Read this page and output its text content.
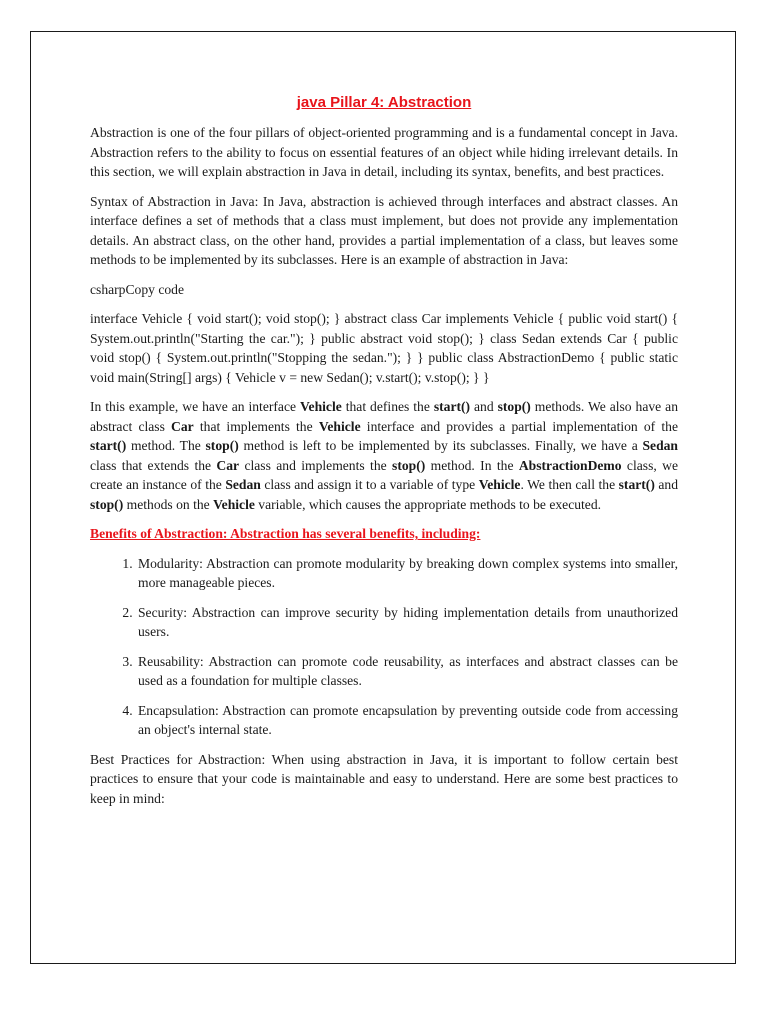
java Pillar 4: Abstraction

Abstraction is one of the four pillars of object-oriented programming and is a fundamental concept in Java. Abstraction refers to the ability to focus on essential features of an object while hiding irrelevant details. In this section, we will explain abstraction in Java in detail, including its syntax, benefits, and best practices.

Syntax of Abstraction in Java: In Java, abstraction is achieved through interfaces and abstract classes. An interface defines a set of methods that a class must implement, but does not provide any implementation details. An abstract class, on the other hand, provides a partial implementation of a class, but leaves some methods to be implemented by its subclasses. Here is an example of abstraction in Java:

csharpCopy code

interface Vehicle { void start(); void stop(); } abstract class Car implements Vehicle { public void start() { System.out.println("Starting the car."); } public abstract void stop(); } class Sedan extends Car { public void stop() { System.out.println("Stopping the sedan."); } } public class AbstractionDemo { public static void main(String[] args) { Vehicle v = new Sedan(); v.start(); v.stop(); } }

In this example, we have an interface Vehicle that defines the start() and stop() methods. We also have an abstract class Car that implements the Vehicle interface and provides a partial implementation of the start() method. The stop() method is left to be implemented by its subclasses. Finally, we have a Sedan class that extends the Car class and implements the stop() method. In the AbstractionDemo class, we create an instance of the Sedan class and assign it to a variable of type Vehicle. We then call the start() and stop() methods on the Vehicle variable, which causes the appropriate methods to be executed.

Benefits of Abstraction: Abstraction has several benefits, including:
1. Modularity: Abstraction can promote modularity by breaking down complex systems into smaller, more manageable pieces.
2. Security: Abstraction can improve security by hiding implementation details from unauthorized users.
3. Reusability: Abstraction can promote code reusability, as interfaces and abstract classes can be used as a foundation for multiple classes.
4. Encapsulation: Abstraction can promote encapsulation by preventing outside code from accessing an object's internal state.

Best Practices for Abstraction: When using abstraction in Java, it is important to follow certain best practices to ensure that your code is maintainable and easy to understand. Here are some best practices to keep in mind:
